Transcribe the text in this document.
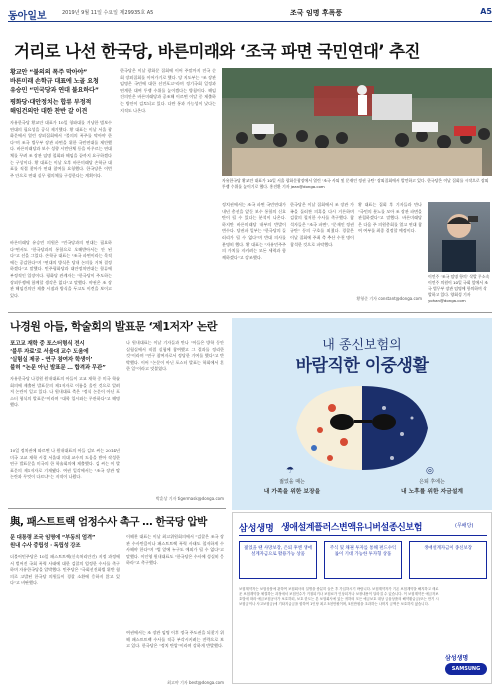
동아일보	2019년 9월 11일 수요일 제29935호 A5	조국 임명 후폭풍	A5
거리로 나선 한국당, 바른미래와 ‘조국 파면 국민연대’ 추진
황교안 “불의의 폭주 막아야”
바른미래 손학규 대표에 노골 요청
유승민 “민국당과 연대 불요하다”
평화당·대안정치는 합류 부정적
해임건의안 대한 찬반 갈 이견
자유한국당 황교안 대표가 10일 청와대를 겨냥한 범보수 연대의 필요성을 공식 제기했다. 황 대표는 이날 서울 광화문에서 열린 장외집회에서 "불의의 폭주를 막아야 한다"며 조국 법무부 장관 파면을 위한 국민연대를 제안했다. 바른미래당과 보수 성향 시민단체 등을 아우르는 연대체를 꾸려 조 장관 임명 철회와 해임을 끝까지 요구하겠다는 구상이다. 황 대표는 이날 오후 바른미래당 손학규 대표를 직접 찾아가 연대 참여를 요청했다. 한국당은 이번 주 안으로 연대 실무 협의체를 구성한다는 계획이다.
바른미래당 유승민 의원은 "민국당과의 연대는 필요하다"면서도 "한국당과의 통합으로 오해받아서는 안 된다"고 선을 그었다. 손학규 대표는 "조국 파면이라는 목적에는 공감한다"며 "연대의 방식은 당내 논의를 거쳐 결정하겠다"고 말했다. 민주평화당과 대안정치연대는 합류에 부정적인 입장이다. 평화당 관계자는 "한국당이 주도하는 장외투쟁에 함께할 생각은 없다"고 말했다. 야권은 조 장관 해임건의안 제출 시점과 방식을 두고도 이견을 보이고 있다.
한국당은 이날 광화문 집회에 이어 주말까지 전국 순회 장외집회를 이어가기로 했다. 당 지도부는 "조 장관 임명은 국민에 대한 선전포고"라며 정기국회 일정과 연계한 대여 투쟁 수위를 높이겠다는 방침이다. 해임건의안은 바른미래당과 공조해 이르면 이달 중 제출하는 방안이 검토되고 있다. 다만 통과 가능성이 낮다는 지적도 나온다.
자유한국당 황교안 대표가 10일 서울 광화문광장에서 열린 ‘조국 사퇴 및 문재인 정권 규탄’ 장외집회에서 발언하고 있다. 한국당은 이날 집회를 시작으로 장외투쟁 수위를 높이기로 했다. 홍진환 기자 jean@donga.com
정치권에서는 조국 파면 국민연대가 내년 총선을 앞둔 보수 통합의 신호탄이 될 수 있다는 분석이 나온다. 하지만 바른미래당 내부의 반발이 변수다. 당권파 일부는 "한국당의 들러리가 될 수 없다"며 반대 의사를 분명히 했다. 황 대표는 "자유민주주의 가치를 지키려는 모든 세력과 함께하겠다"고 강조했다.
한국당은 이날 집회에서 조 장관 가족을 둘러싼 의혹을 다시 거론하며 검찰의 철저한 수사를 촉구했다. 참석자들은 "조국 파면", "문재인 정권 규탄" 등의 구호를 외쳤다. 경찰은 이날 집회에 주최 측 추산 수천 명이 참석한 것으로 파악했다.
황 대표는 집회 후 기자들과 만나 "국민의 분노를 모아 조 장관 파면을 관철하겠다"고 말했다. 바른미래당은 다음 주 의원총회를 열고 연대 참여 여부를 최종 결정할 예정이다.
황형준 기자 constant@donga.com
이언주 ‘조국 임명 항의’ 삭발 무소속 이언주 의원이 10일 국회 앞에서 조국 법무부 장관 임명에 항의하며 삭발하고 있다. 양회성 기자 yohan@donga.com
나경원 아들, 학술회의 발표문 ‘제1저자’ 논란
포고교 재학 중 포스터형식 전시
‘블루 자료’로 서울대 교수 도움에
‘실험실 제공 - 연구 참여자 학생이’
불허 “논문 아닌 발표문 … 합격과 무관”
자유한국당 나경원 원내대표의 아들이 고교 재학 중 미국 학술회의에 제출된 발표문의 제1저자로 이름을 올린 것으로 알려져 논란이 일고 있다. 나 원내대표 측은 "정식 논문이 아닌 포스터 형식의 발표문"이라며 "대학 입시와는 무관하다"고 해명했다.
10일 정치권에 따르면 나 원내대표의 아들 김모 씨는 2014년 미국 고교 재학 시절 서울대 의대 교수의 도움을 받아 작성한 연구 발표문을 미국의 한 학술회의에 제출했다. 김 씨는 이 발표문의 제1저자로 기재됐다. 여권 일각에서는 "조국 장관 딸 논란과 무엇이 다르냐"는 지적이 나왔다.
나 원내대표는 이날 기자들과 만나 "아들은 방학 동안 실험실에서 직접 실험에 참여했고 그 결과를 정리한 것"이라며 "연구 참여자로서 정당한 기여를 했다"고 반박했다. 이어 "논문이 아닌 포스터 발표는 학회에서 흔한 일"이라고 덧붙였다.
박훈상 기자 tigermask@donga.com
與, 패스트트랙 엄정수사 촉구 … 한국당 압박
문 대통령 조국 임명에 “부동의 엄격”
원내 수사 중립성 · 독립성 강조
더불어민주당은 10일 패스트트랙(신속처리안건) 지정 과정에서 벌어진 국회 폭력 사태에 대한 검찰의 엄정한 수사를 촉구하며 자유한국당을 압박했다. 민주당은 "국회선진화법 위반 혐의로 고발된 한국당 의원들이 경찰 소환에 응하지 않고 있다"고 비판했다.
이해찬 대표는 이날 최고위원회의에서 "검찰은 조국 장관 수사만큼이나 패스트트랙 폭력 사태도 철저하게 수사해야 한다"며 "법 앞에 누구도 예외가 될 수 없다"고 말했다. 이인영 원내대표도 "한국당은 수사에 성실히 응하라"고 촉구했다.
여권에서는 조 장관 임명 이후 정국 주도권을 되찾기 위해 패스트트랙 수사를 적극 부각시키려는 전략으로 보고 있다. 한국당은 "정치 탄압"이라며 강하게 반발했다.
최고야 기자 best@donga.com
내 종신보험의
바람직한 이중생활
젊었을 때는
내 가족을 위한 보장을
은퇴 후에는
내 노후를 위한 자금설계
☂	◎
삼성생명 생애설계플러스변액유니버설종신보험	(무배당)
젊었을 땐 사망보장, 은퇴 후엔 생애설계자금으로 활용가능 상품
주식 및 채권 투자를 통해 펀드수익률이 기대 가능한 투자형 상품
생애설계자금이 종신보장
보험계약자는 보험상품에 관하여 보험회사의 설명을 충분히 들은 후 가입하시기 바랍니다. 보험계약자가 기존 보험계약을 해지하고 새로운 보험계약을 체결하는 과정에서 보험인수가 거절되거나 보험료가 인상되거나 보장내용이 달라질 수 있습니다. 이 보험계약은 예금자보호법에 따라 예금보험공사가 보호하되, 보호 한도는 본 보험회사에 있는 귀하의 모든 예금보호 대상 금융상품의 해약환급금(또는 만기 시 보험금이나 사고보험금)에 기타지급금을 합하여 1인당 최고 5천만원이며, 5천만원을 초과하는 나머지 금액은 보호하지 않습니다.
삼성생명
SAMSUNG
